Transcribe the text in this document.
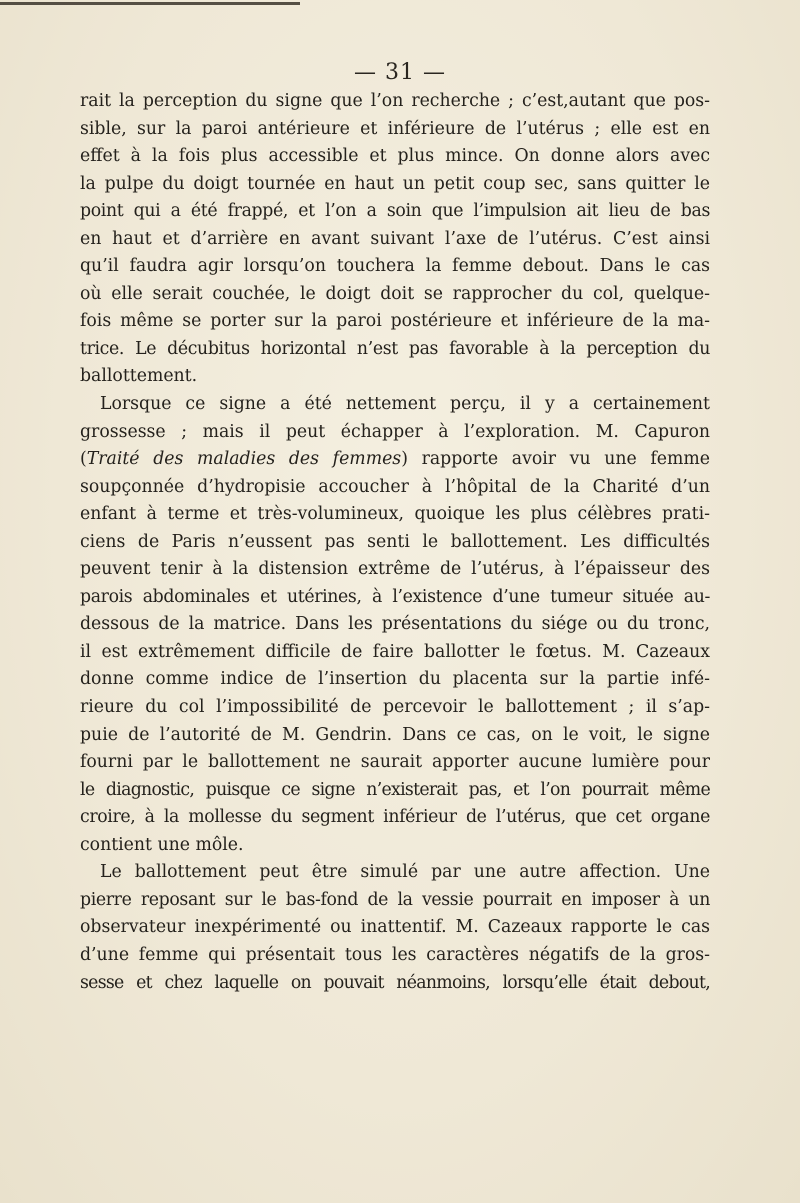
— 31 —
rait la perception du signe que l’on recherche ; c’est,autant que pos-
sible, sur la paroi antérieure et inférieure de l’utérus ; elle est en
effet à la fois plus accessible et plus mince. On donne alors avec
la pulpe du doigt tournée en haut un petit coup sec, sans quitter le
point qui a été frappé, et l’on a soin que l’impulsion ait lieu de bas
en haut et d’arrière en avant suivant l’axe de l’utérus. C’est ainsi
qu’il faudra agir lorsqu’on touchera la femme debout. Dans le cas
où elle serait couchée, le doigt doit se rapprocher du col, quelque-
fois même se porter sur la paroi postérieure et inférieure de la ma-
trice. Le décubitus horizontal n’est pas favorable à la perception du
ballottement.
Lorsque ce signe a été nettement perçu, il y a certainement
grossesse ; mais il peut échapper à l’exploration. M. Capuron
(Traité des maladies des femmes) rapporte avoir vu une femme
soupçonnée d’hydropisie accoucher à l’hôpital de la Charité d’un
enfant à terme et très-volumineux, quoique les plus célèbres prati-
ciens de Paris n’eussent pas senti le ballottement. Les difficultés
peuvent tenir à la distension extrême de l’utérus, à l’épaisseur des
parois abdominales et utérines, à l’existence d’une tumeur située au-
dessous de la matrice. Dans les présentations du siége ou du tronc,
il est extrêmement difficile de faire ballotter le fœtus. M. Cazeaux
donne comme indice de l’insertion du placenta sur la partie infé-
rieure du col l’impossibilité de percevoir le ballottement ; il s’ap-
puie de l’autorité de M. Gendrin. Dans ce cas, on le voit, le signe
fourni par le ballottement ne saurait apporter aucune lumière pour
le diagnostic, puisque ce signe n’existerait pas, et l’on pourrait même
croire, à la mollesse du segment inférieur de l’utérus, que cet organe
contient une môle.
Le ballottement peut être simulé par une autre affection. Une
pierre reposant sur le bas-fond de la vessie pourrait en imposer à un
observateur inexpérimenté ou inattentif. M. Cazeaux rapporte le cas
d’une femme qui présentait tous les caractères négatifs de la gros-
sesse et chez laquelle on pouvait néanmoins, lorsqu’elle était debout,
